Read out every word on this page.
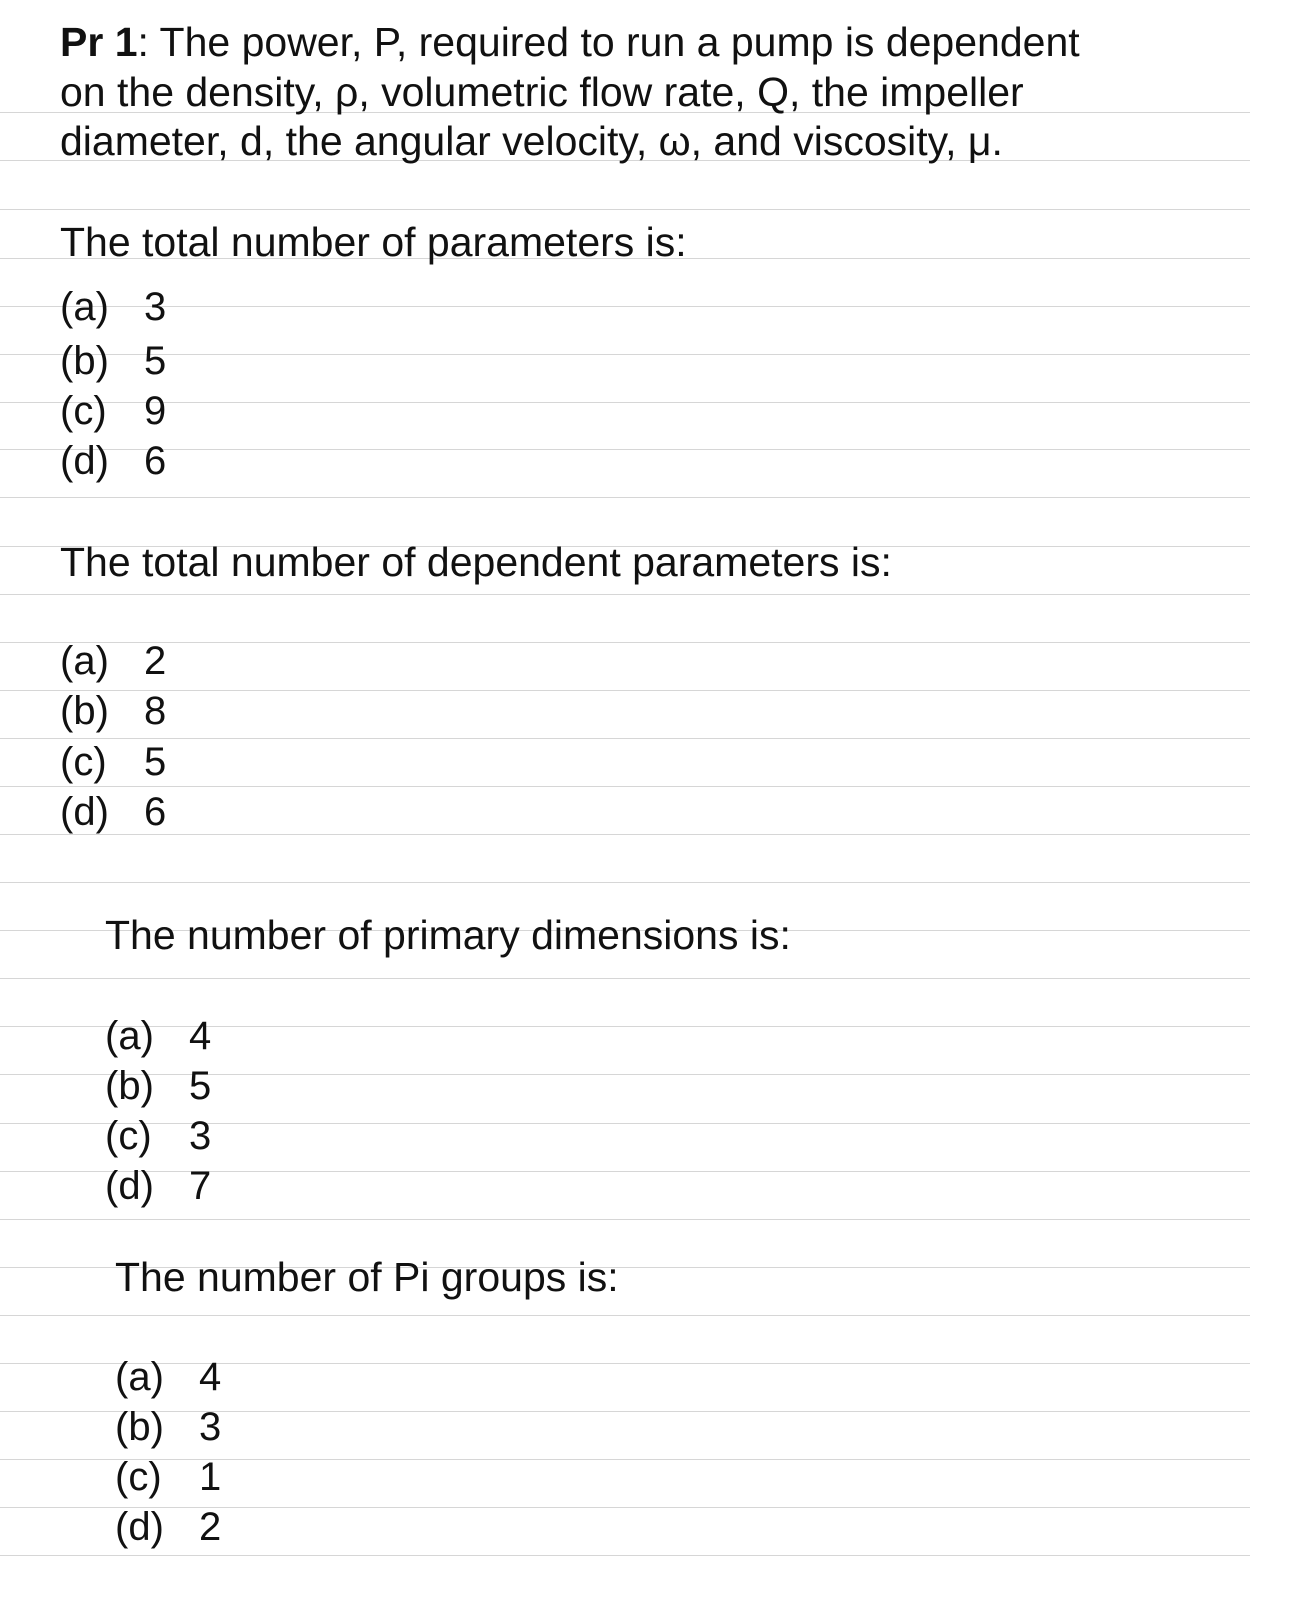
Pr 1: The power, P, required to run a pump is dependent
on the density, ρ, volumetric flow rate, Q, the impeller
diameter, d, the angular velocity, ω, and viscosity, μ.
The total number of parameters is:
(a) 3
(b) 5
(c) 9
(d) 6
The total number of dependent parameters is:
(a) 2
(b) 8
(c) 5
(d) 6
The number of primary dimensions is:
(a) 4
(b) 5
(c) 3
(d) 7
The number of Pi groups is:
(a) 4
(b) 3
(c) 1
(d) 2
